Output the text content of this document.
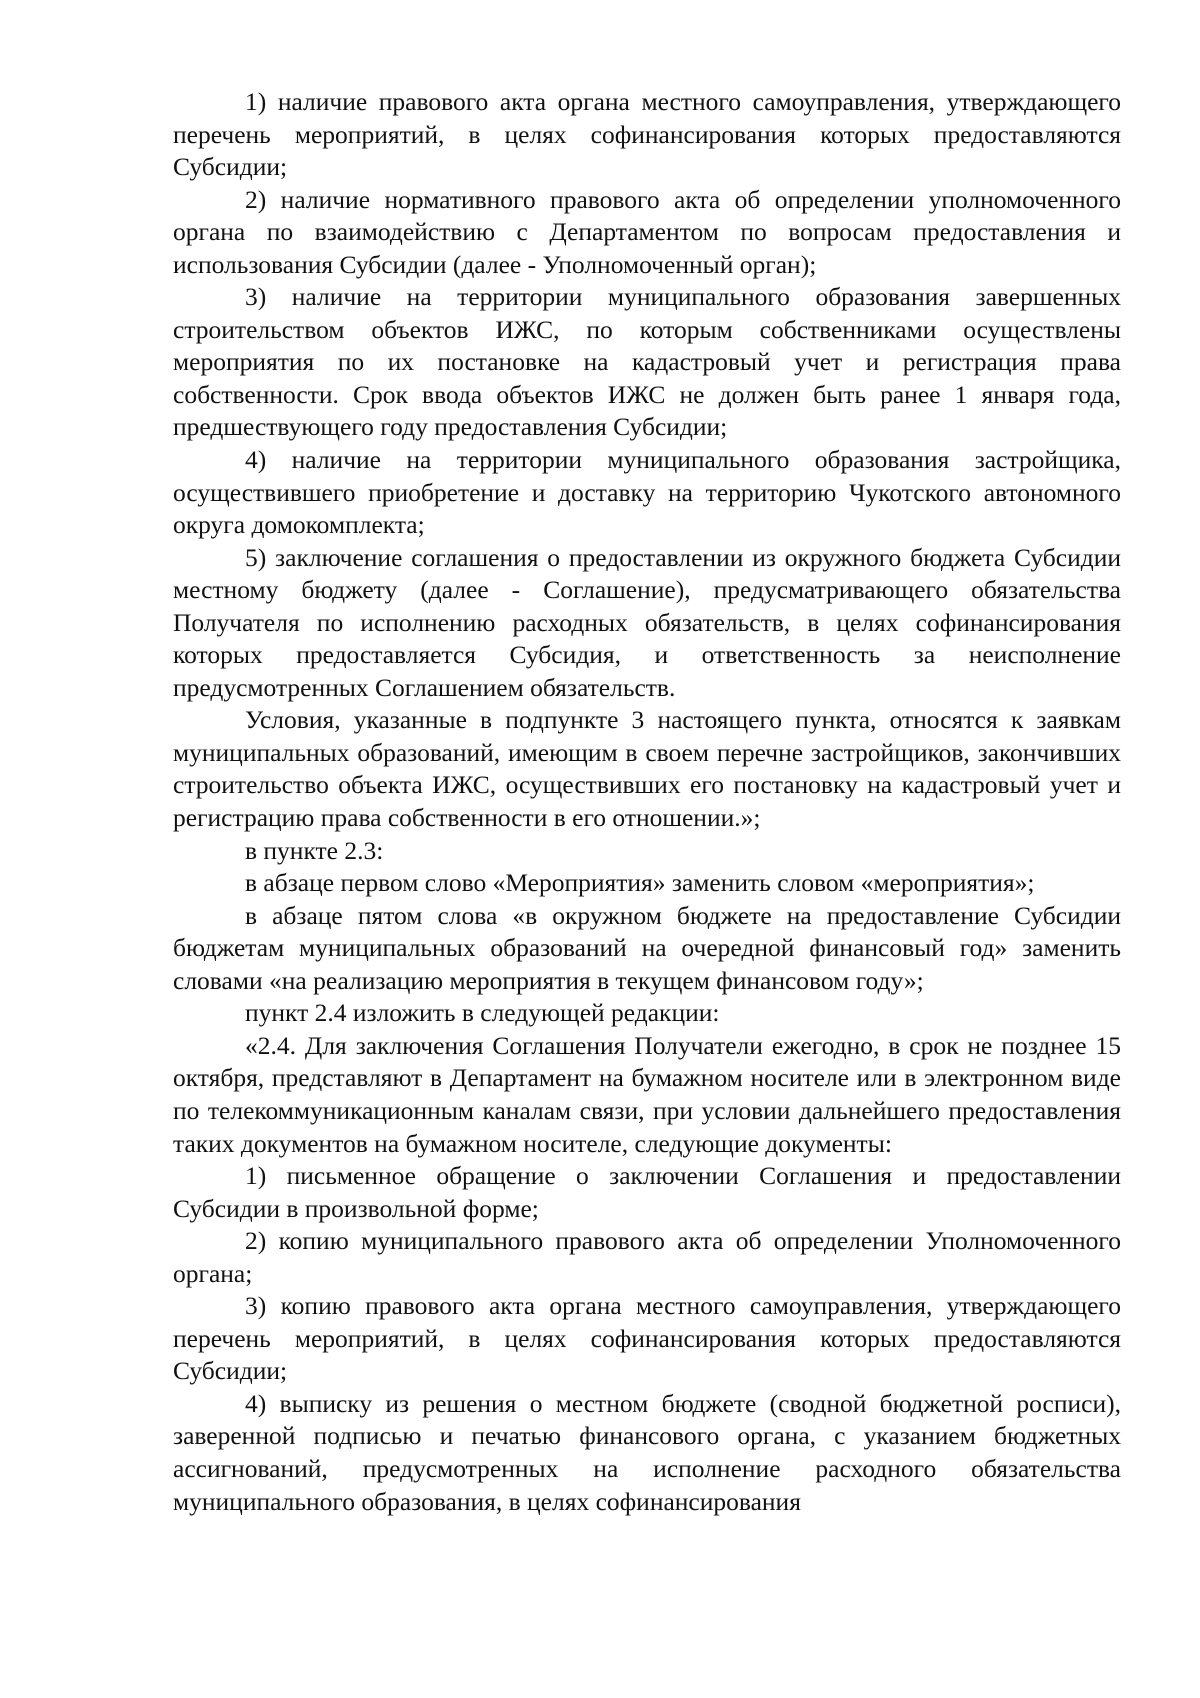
1) наличие правового акта органа местного самоуправления, утверждающего перечень мероприятий, в целях софинансирования которых предоставляются Субсидии;

2) наличие нормативного правового акта об определении уполномоченного органа по взаимодействию с Департаментом по вопросам предоставления и использования Субсидии (далее - Уполномоченный орган);

3) наличие на территории муниципального образования завершенных строительством объектов ИЖС, по которым собственниками осуществлены мероприятия по их постановке на кадастровый учет и регистрация права собственности. Срок ввода объектов ИЖС не должен быть ранее 1 января года, предшествующего году предоставления Субсидии;

4) наличие на территории муниципального образования застройщика, осуществившего приобретение и доставку на территорию Чукотского автономного округа домокомплекта;

5) заключение соглашения о предоставлении из окружного бюджета Субсидии местному бюджету (далее - Соглашение), предусматривающего обязательства Получателя по исполнению расходных обязательств, в целях софинансирования которых предоставляется Субсидия, и ответственность за неисполнение предусмотренных Соглашением обязательств.

Условия, указанные в подпункте 3 настоящего пункта, относятся к заявкам муниципальных образований, имеющим в своем перечне застройщиков, закончивших строительство объекта ИЖС, осуществивших его постановку на кадастровый учет и регистрацию права собственности в его отношении.»;

в пункте 2.3:

в абзаце первом слово «Мероприятия» заменить словом «мероприятия»;

в абзаце пятом слова «в окружном бюджете на предоставление Субсидии бюджетам муниципальных образований на очередной финансовый год» заменить словами «на реализацию мероприятия в текущем финансовом году»;

пункт 2.4 изложить в следующей редакции:

«2.4. Для заключения Соглашения Получатели ежегодно, в срок не позднее 15 октября, представляют в Департамент на бумажном носителе или в электронном виде по телекоммуникационным каналам связи, при условии дальнейшего предоставления таких документов на бумажном носителе, следующие документы:

1) письменное обращение о заключении Соглашения и предоставлении Субсидии в произвольной форме;

2) копию муниципального правового акта об определении Уполномоченного органа;

3) копию правового акта органа местного самоуправления, утверждающего перечень мероприятий, в целях софинансирования которых предоставляются Субсидии;

4) выписку из решения о местном бюджете (сводной бюджетной росписи), заверенной подписью и печатью финансового органа, с указанием бюджетных ассигнований, предусмотренных на исполнение расходного обязательства муниципального образования, в целях софинансирования
